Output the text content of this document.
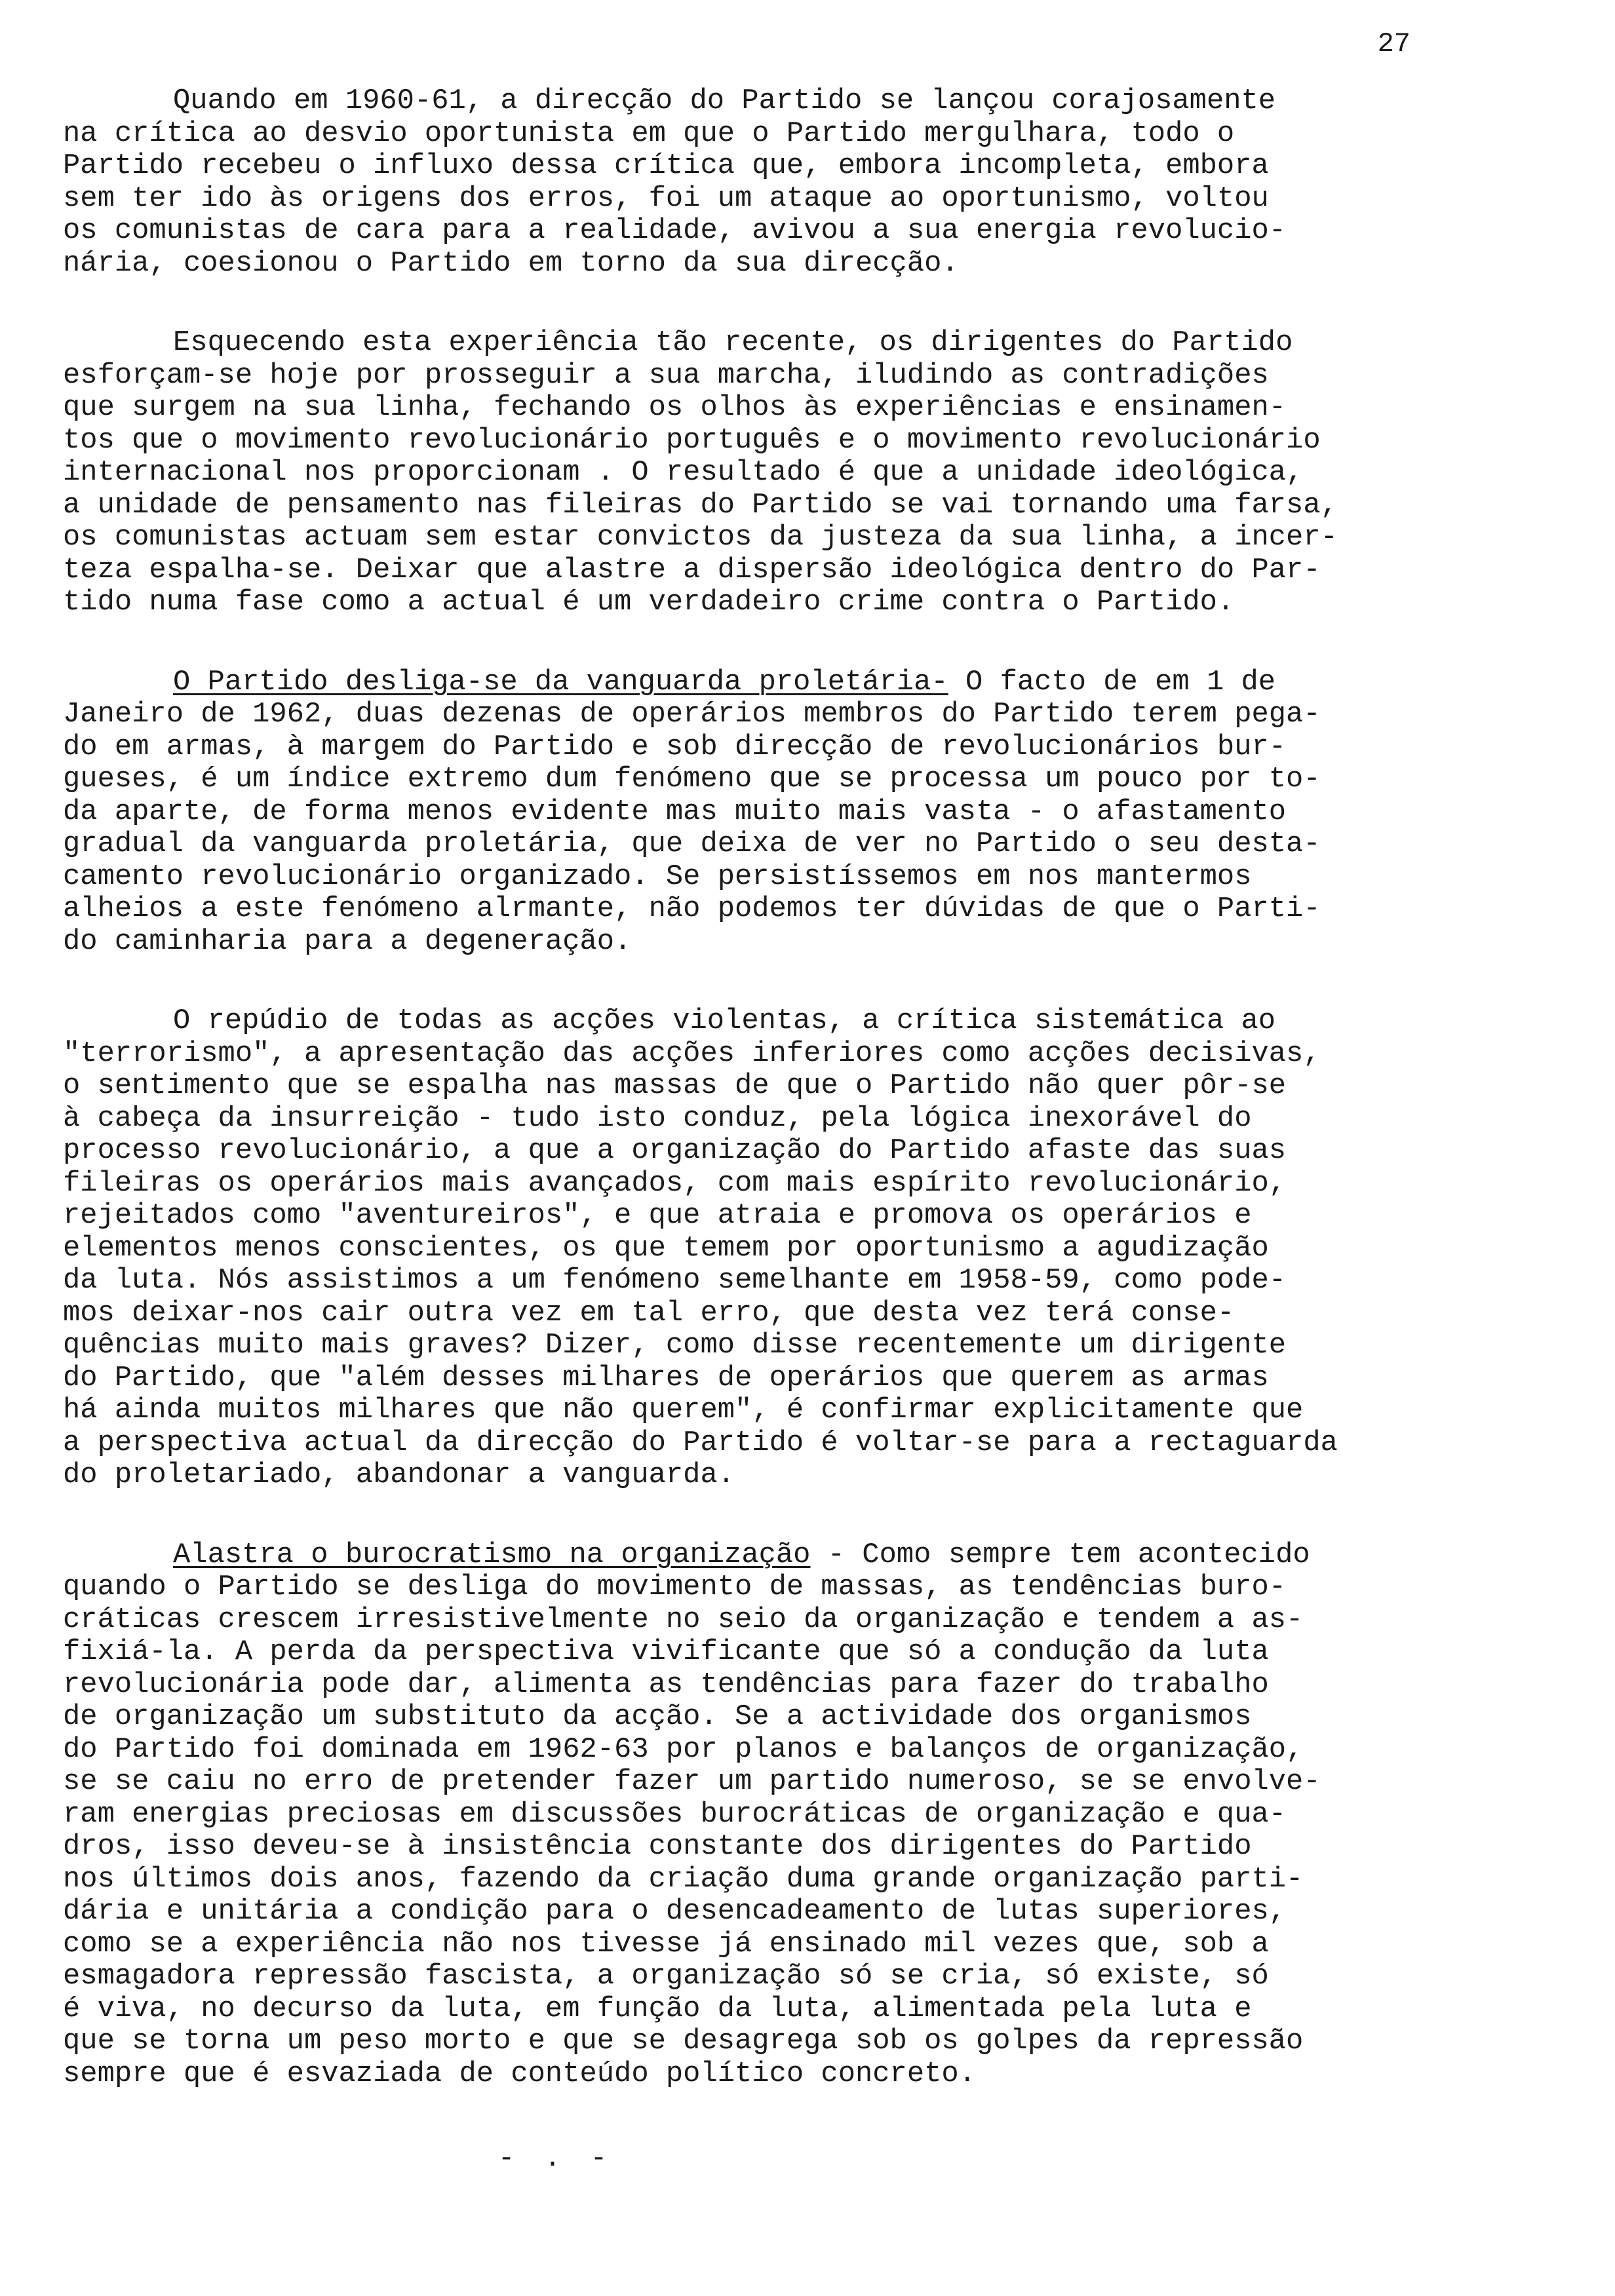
27
Quando em 1960-61, a direcção do Partido se lançou corajosamente
na crítica ao desvio oportunista em que o Partido mergulhara, todo o
Partido recebeu o influxo dessa crítica que, embora incompleta, embora
sem ter ido às origens dos erros, foi um ataque ao oportunismo, voltou
os comunistas de cara para a realidade, avivou a sua energia revolucio-
nária, coesionou o Partido em torno da sua direcção.
Esquecendo esta experiência tão recente, os dirigentes do Partido
esforçam-se hoje por prosseguir a sua marcha, iludindo as contradições
que surgem na sua linha, fechando os olhos às experiências e ensinamen-
tos que o movimento revolucionário português e o movimento revolucionário
internacional nos proporcionam . O resultado é que a unidade ideológica,
a unidade de pensamento nas fileiras do Partido se vai tornando uma farsa,
os comunistas actuam sem estar convictos da justeza da sua linha, a incer-
teza espalha-se. Deixar que alastre a dispersão ideológica dentro do Par-
tido numa fase como a actual é um verdadeiro crime contra o Partido.
O Partido desliga-se da vanguarda proletária- O facto de em 1 de
Janeiro de 1962, duas dezenas de operários membros do Partido terem pega-
do em armas, à margem do Partido e sob direcção de revolucionários bur-
gueses, é um índice extremo dum fenómeno que se processa um pouco por to-
da aparte, de forma menos evidente mas muito mais vasta - o afastamento
gradual da vanguarda proletária, que deixa de ver no Partido o seu desta-
camento revolucionário organizado. Se persistíssemos em nos mantermos
alheios a este fenómeno alrmante, não podemos ter dúvidas de que o Parti-
do caminharia para a degeneração.
O repúdio de todas as acções violentas, a crítica sistemática ao
"terrorismo", a apresentação das acções inferiores como acções decisivas,
o sentimento que se espalha nas massas de que o Partido não quer pôr-se
à cabeça da insurreição - tudo isto conduz, pela lógica inexorável do
processo revolucionário, a que a organização do Partido afaste das suas
fileiras os operários mais avançados, com mais espírito revolucionário,
rejeitados como "aventureiros", e que atraia e promova os operários e
elementos menos conscientes, os que temem por oportunismo a agudização
da luta. Nós assistimos a um fenómeno semelhante em 1958-59, como pode-
mos deixar-nos cair outra vez em tal erro, que desta vez terá conse-
quências muito mais graves? Dizer, como disse recentemente um dirigente
do Partido, que "além desses milhares de operários que querem as armas
há ainda muitos milhares que não querem", é confirmar explicitamente que
a perspectiva actual da direcção do Partido é voltar-se para a rectaguarda
do proletariado, abandonar a vanguarda.
Alastra o burocratismo na organização - Como sempre tem acontecido
quando o Partido se desliga do movimento de massas, as tendências buro-
cráticas crescem irresistivelmente no seio da organização e tendem a as-
fixiá-la. A perda da perspectiva vivificante que só a condução da luta
revolucionária pode dar, alimenta as tendências para fazer do trabalho
de organização um substituto da acção. Se a actividade dos organismos
do Partido foi dominada em 1962-63 por planos e balanços de organização,
se se caiu no erro de pretender fazer um partido numeroso, se se envolve-
ram energias preciosas em discussões burocráticas de organização e qua-
dros, isso deveu-se à insistência constante dos dirigentes do Partido
nos últimos dois anos, fazendo da criação duma grande organização parti-
dária e unitária a condição para o desencadeamento de lutas superiores,
como se a experiência não nos tivesse já ensinado mil vezes que, sob a
esmagadora repressão fascista, a organização só se cria, só existe, só
é viva, no decurso da luta, em função da luta, alimentada pela luta e
que se torna um peso morto e que se desagrega sob os golpes da repressão
sempre que é esvaziada de conteúdo político concreto.
- . -
